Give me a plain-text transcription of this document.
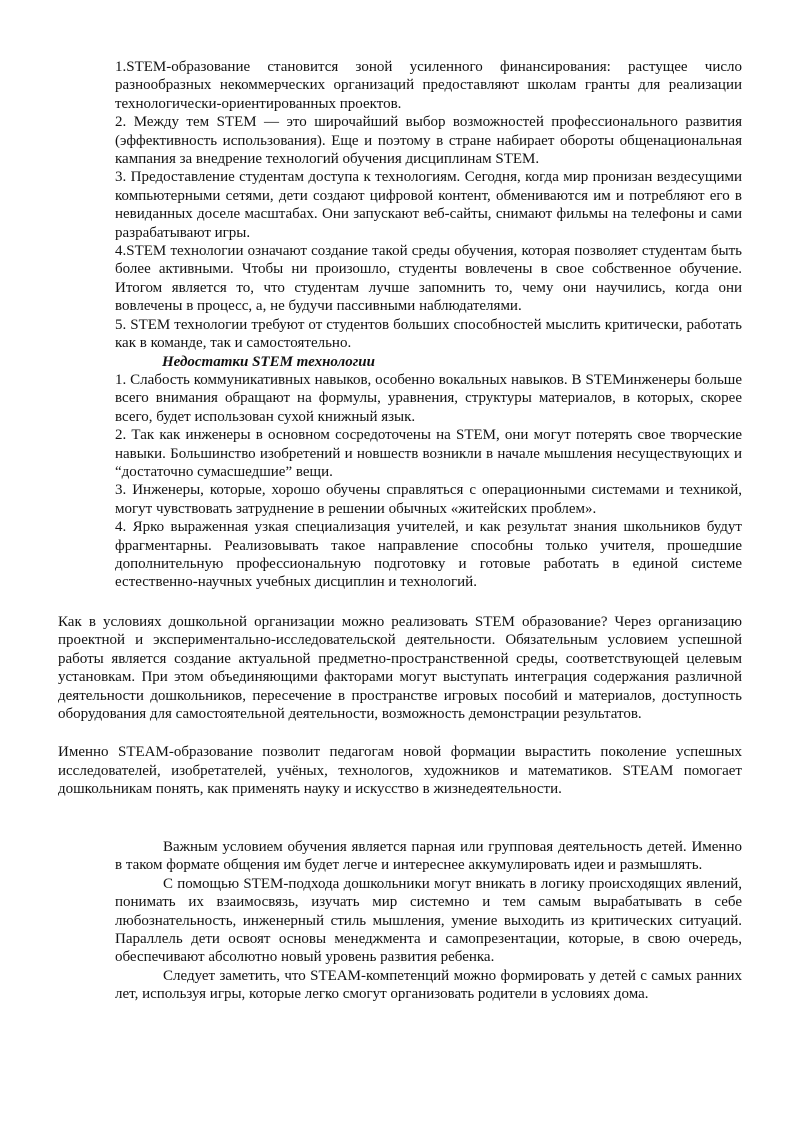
1.STEM-образование становится зоной усиленного финансирования: растущее число разнообразных некоммерческих организаций предоставляют школам гранты для реализации технологически-ориентированных проектов.

2. Между тем STEM — это широчайший выбор возможностей профессионального развития (эффективность использования). Еще и поэтому в стране набирает обороты общенациональная кампания за внедрение технологий обучения дисциплинам STEM.

3. Предоставление студентам доступа к технологиям. Сегодня, когда мир пронизан вездесущими компьютерными сетями, дети создают цифровой контент, обмениваются им и потребляют его в невиданных доселе масштабах. Они запускают веб-сайты, снимают фильмы на телефоны и сами разрабатывают игры.

4.STEM технологии означают создание такой среды обучения, которая позволяет студентам быть более активными. Чтобы ни произошло, студенты вовлечены в свое собственное обучение. Итогом является то, что студентам лучше запомнить то, чему они научились, когда они вовлечены в процесс, а, не будучи пассивными наблюдателями.

5. STEM технологии требуют от студентов больших способностей мыслить критически, работать как в команде, так и самостоятельно.

Недостатки STEM технологии

1. Слабость коммуникативных навыков, особенно вокальных навыков. В STEMинженеры больше всего внимания обращают на формулы, уравнения, структуры материалов, в которых, скорее всего, будет использован сухой книжный язык.

2. Так как инженеры в основном сосредоточены на STEM, они могут потерять свое творческие навыки. Большинство изобретений и новшеств возникли в начале мышления несуществующих и “достаточно сумасшедшие” вещи.

3. Инженеры, которые, хорошо обучены справляться с операционными системами и техникой, могут чувствовать затруднение в решении обычных «житейских проблем».

4. Ярко выраженная узкая специализация учителей, и как результат знания школьников будут фрагментарны. Реализовывать такое направление способны только учителя, прошедшие дополнительную профессиональную подготовку и готовые работать в единой системе естественно-научных учебных дисциплин и технологий.

Как в условиях дошкольной организации можно реализовать STEM образование? Через организацию проектной и экспериментально-исследовательской деятельности. Обязательным условием успешной работы является создание актуальной предметно-пространственной среды, соответствующей целевым установкам. При этом объединяющими факторами могут выступать интеграция содержания различной деятельности дошкольников, пересечение в пространстве игровых пособий и материалов, доступность оборудования для самостоятельной деятельности, возможность демонстрации результатов.

Именно STEAM-образование позволит педагогам новой формации вырастить поколение успешных исследователей, изобретателей, учёных, технологов, художников и математиков. STEAM помогает дошкольникам понять, как применять науку и искусство в жизнедеятельности.

Важным условием обучения является парная или групповая деятельность детей. Именно в таком формате общения им будет легче и интереснее аккумулировать идеи и размышлять.

С помощью STEM-подхода дошкольники могут вникать в логику происходящих явлений, понимать их взаимосвязь, изучать мир системно и тем самым вырабатывать в себе любознательность, инженерный стиль мышления, умение выходить из критических ситуаций. Параллель дети освоят основы менеджмента и самопрезентации, которые, в свою очередь, обеспечивают абсолютно новый уровень развития ребенка.

Следует заметить, что STEAM-компетенций можно формировать у детей с самых ранних лет, используя игры, которые легко смогут организовать родители в условиях дома.
